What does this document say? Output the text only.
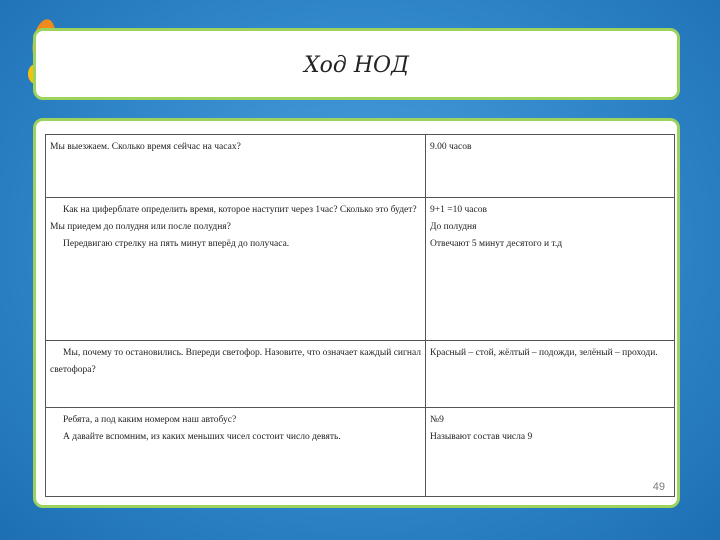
Ход НОД
Мы выезжаем. Сколько время сейчас на часах?	9.00 часов

Как на циферблате определить время, которое наступит через 1час? Сколько это будет? Мы приедем до полудня или после полудня?
Передвигаю стрелку на пять минут вперёд до получаса.	9+1 =10 часов
До полудня
Отвечают 5 минут десятого и т.д

Мы, почему то остановились. Впереди светофор. Назовите, что означает каждый сигнал светофора?	Красный – стой, жёлтый – подожди, зелёный – проходи.

Ребята, а под каким номером наш автобус?
А давайте вспомним, из каких меньших чисел состоит число девять.	№9
Называют состав числа 9
49
